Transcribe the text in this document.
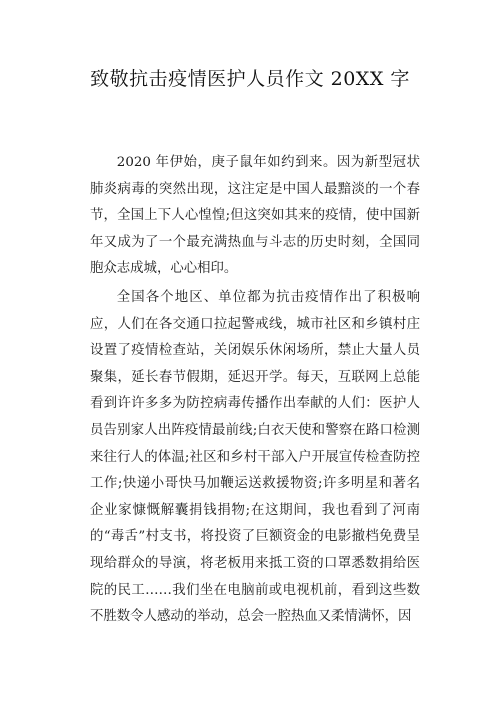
致敬抗击疫情医护人员作文 20XX 字

2020 年伊始，庚子鼠年如约到来。因为新型冠状肺炎病毒的突然出现，这注定是中国人最黯淡的一个春节，全国上下人心惶惶;但这突如其来的疫情，使中国新年又成为了一个最充满热血与斗志的历史时刻，全国同胞众志成城，心心相印。

全国各个地区、单位都为抗击疫情作出了积极响应，人们在各交通口拉起警戒线，城市社区和乡镇村庄设置了疫情检查站，关闭娱乐休闲场所，禁止大量人员聚集，延长春节假期，延迟开学。每天，互联网上总能看到许许多多为防控病毒传播作出奉献的人们：医护人员告别家人出阵疫情最前线;白衣天使和警察在路口检测来往行人的体温;社区和乡村干部入户开展宣传检查防控工作;快递小哥快马加鞭运送救援物资;许多明星和著名企业家慷慨解囊捐钱捐物;在这期间，我也看到了河南的“毒舌”村支书，将投资了巨额资金的电影撤档免费呈现给群众的导演，将老板用来抵工资的口罩悉数捐给医院的民工……我们坐在电脑前或电视机前，看到这些数不胜数令人感动的举动，总会一腔热血又柔情满怀，因
